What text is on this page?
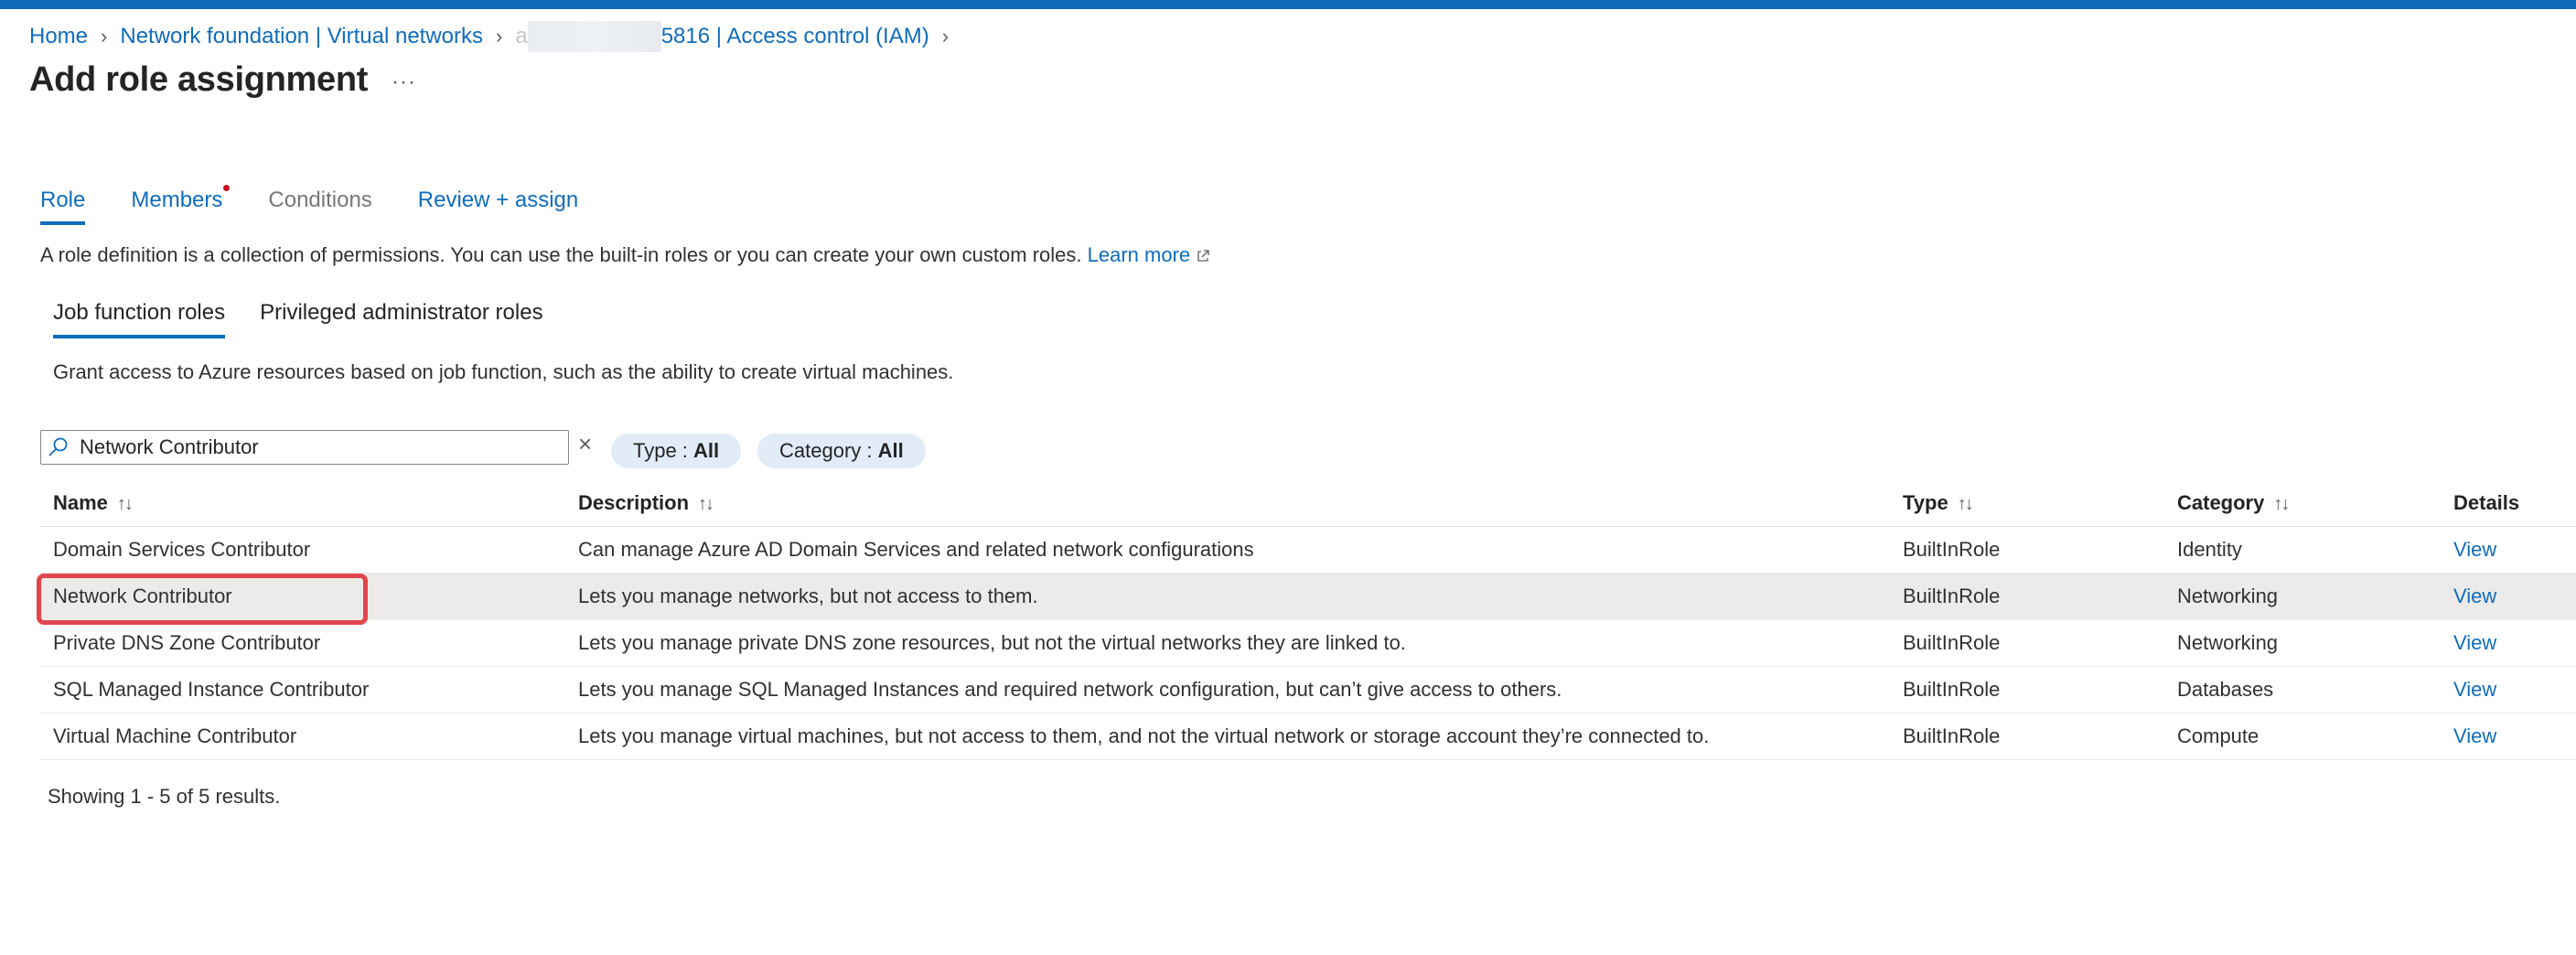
Home › Network foundation | Virtual networks › a	5816 | Access control (IAM) ›
Add role assignment ···
Role Members Conditions Review + assign
A role definition is a collection of permissions. You can use the built-in roles or you can create your own custom roles. Learn more
Job function roles Privileged administrator roles
Grant access to Azure resources based on job function, such as the ability to create virtual machines.
Network Contributor
×	Type : All	Category : All
Name ↑↓	Description ↑↓	Type ↑↓	Category ↑↓	Details
Domain Services Contributor	Can manage Azure AD Domain Services and related network configurations	BuiltInRole	Identity	View
Network Contributor	Lets you manage networks, but not access to them.	BuiltInRole	Networking	View
Private DNS Zone Contributor	Lets you manage private DNS zone resources, but not the virtual networks they are linked to.	BuiltInRole	Networking	View
SQL Managed Instance Contributor	Lets you manage SQL Managed Instances and required network configuration, but can’t give access to others.	BuiltInRole	Databases	View
Virtual Machine Contributor	Lets you manage virtual machines, but not access to them, and not the virtual network or storage account they’re connected to.	BuiltInRole	Compute	View
Showing 1 - 5 of 5 results.
